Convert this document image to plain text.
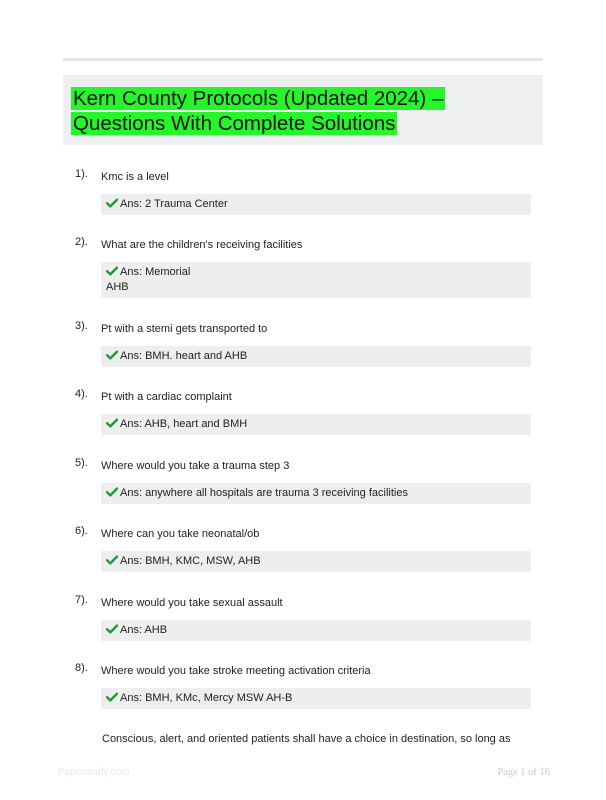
Kern County Protocols (Updated 2024) – Questions With Complete Solutions
1). Kmc is a level
Ans: 2 Trauma Center
2). What are the children's receiving facilities
Ans: Memorial
AHB
3). Pt with a stemi gets transported to
Ans: BMH. heart and AHB
4). Pt with a cardiac complaint
Ans: AHB, heart and BMH
5). Where would you take a trauma step 3
Ans: anywhere all hospitals are trauma 3 receiving facilities
6). Where can you take neonatal/ob
Ans: BMH, KMC, MSW, AHB
7). Where would you take sexual assault
Ans: AHB
8). Where would you take stroke meeting activation criteria
Ans: BMH, KMc, Mercy MSW AH-B
Conscious, alert, and oriented patients shall have a choice in destination, so long as
Paperstudy.com	Page 1 of 16
